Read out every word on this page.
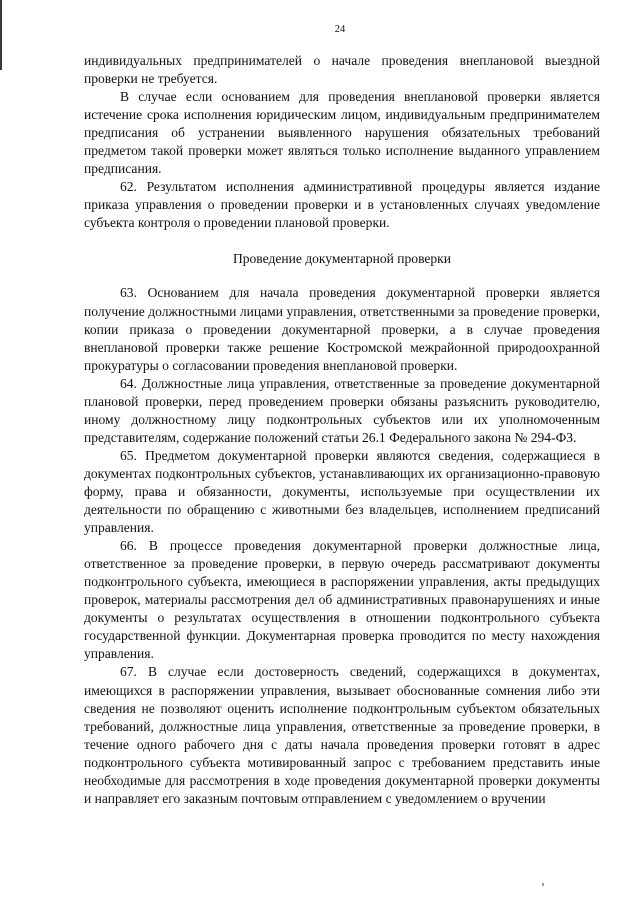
24

индивидуальных предпринимателей о начале проведения внеплановой выездной проверки не требуется.

В случае если основанием для проведения внеплановой проверки является истечение срока исполнения юридическим лицом, индивидуальным предпринимателем предписания об устранении выявленного нарушения обязательных требований предметом такой проверки может являться только исполнение выданного управлением предписания.

62. Результатом исполнения административной процедуры является издание приказа управления о проведении проверки и в установленных случаях уведомление субъекта контроля о проведении плановой проверки.

Проведение документарной проверки

63. Основанием для начала проведения документарной проверки является получение должностными лицами управления, ответственными за проведение проверки, копии приказа о проведении документарной проверки, а в случае проведения внеплановой проверки также решение Костромской межрайонной природоохранной прокуратуры о согласовании проведения внеплановой проверки.

64. Должностные лица управления, ответственные за проведение документарной плановой проверки, перед проведением проверки обязаны разъяснить руководителю, иному должностному лицу подконтрольных субъектов или их уполномоченным представителям, содержание положений статьи 26.1 Федерального закона № 294-ФЗ.

65. Предметом документарной проверки являются сведения, содержащиеся в документах подконтрольных субъектов, устанавливающих их организационно-правовую форму, права и обязанности, документы, используемые при осуществлении их деятельности по обращению с животными без владельцев, исполнением предписаний управления.

66. В процессе проведения документарной проверки должностные лица, ответственное за проведение проверки, в первую очередь рассматривают документы подконтрольного субъекта, имеющиеся в распоряжении управления, акты предыдущих проверок, материалы рассмотрения дел об административных правонарушениях и иные документы о результатах осуществления в отношении подконтрольного субъекта государственной функции. Документарная проверка проводится по месту нахождения управления.

67. В случае если достоверность сведений, содержащихся в документах, имеющихся в распоряжении управления, вызывает обоснованные сомнения либо эти сведения не позволяют оценить исполнение подконтрольным субъектом обязательных требований, должностные лица управления, ответственные за проведение проверки, в течение одного рабочего дня с даты начала проведения проверки готовят в адрес подконтрольного субъекта мотивированный запрос с требованием представить иные необходимые для рассмотрения в ходе проведения документарной проверки документы и направляет его заказным почтовым отправлением с уведомлением о вручении
